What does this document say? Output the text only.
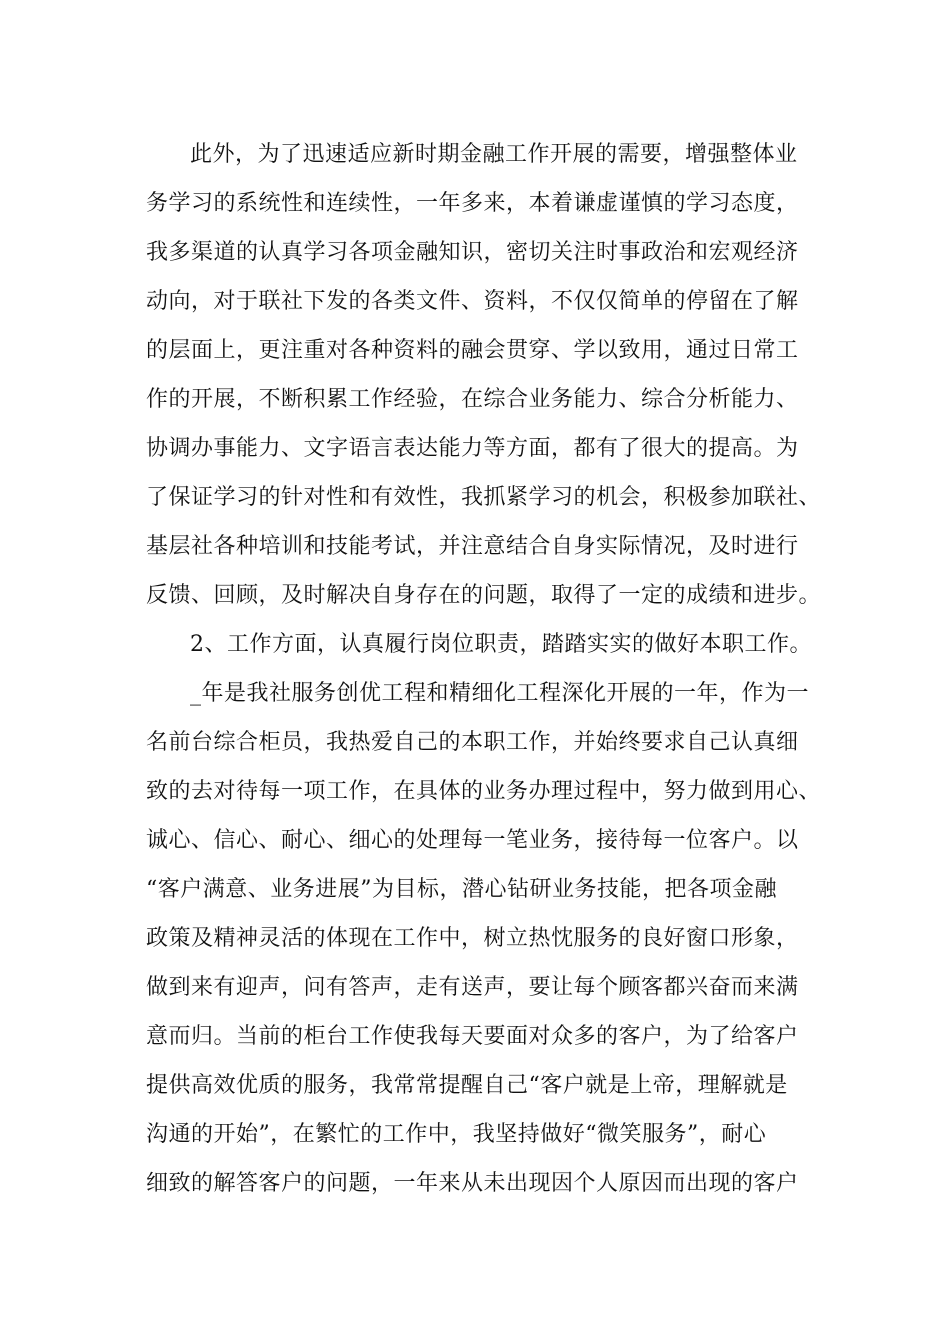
此外，为了迅速适应新时期金融工作开展的需要，增强整体业
务学习的系统性和连续性，一年多来，本着谦虚谨慎的学习态度，
我多渠道的认真学习各项金融知识，密切关注时事政治和宏观经济
动向，对于联社下发的各类文件、资料，不仅仅简单的停留在了解
的层面上，更注重对各种资料的融会贯穿、学以致用，通过日常工
作的开展，不断积累工作经验，在综合业务能力、综合分析能力、
协调办事能力、文字语言表达能力等方面，都有了很大的提高。为
了保证学习的针对性和有效性，我抓紧学习的机会，积极参加联社、
基层社各种培训和技能考试，并注意结合自身实际情况，及时进行
反馈、回顾，及时解决自身存在的问题，取得了一定的成绩和进步。
2、工作方面，认真履行岗位职责，踏踏实实的做好本职工作。
_年是我社服务创优工程和精细化工程深化开展的一年，作为一
名前台综合柜员，我热爱自己的本职工作，并始终要求自己认真细
致的去对待每一项工作，在具体的业务办理过程中，努力做到用心、
诚心、信心、耐心、细心的处理每一笔业务，接待每一位客户。以
“客户满意、业务进展”为目标，潜心钻研业务技能，把各项金融
政策及精神灵活的体现在工作中，树立热忱服务的良好窗口形象，
做到来有迎声，问有答声，走有送声，要让每个顾客都兴奋而来满
意而归。当前的柜台工作使我每天要面对众多的客户，为了给客户
提供高效优质的服务，我常常提醒自己“客户就是上帝，理解就是
沟通的开始”，在繁忙的工作中，我坚持做好“微笑服务”，耐心
细致的解答客户的问题，一年来从未出现因个人原因而出现的客户
